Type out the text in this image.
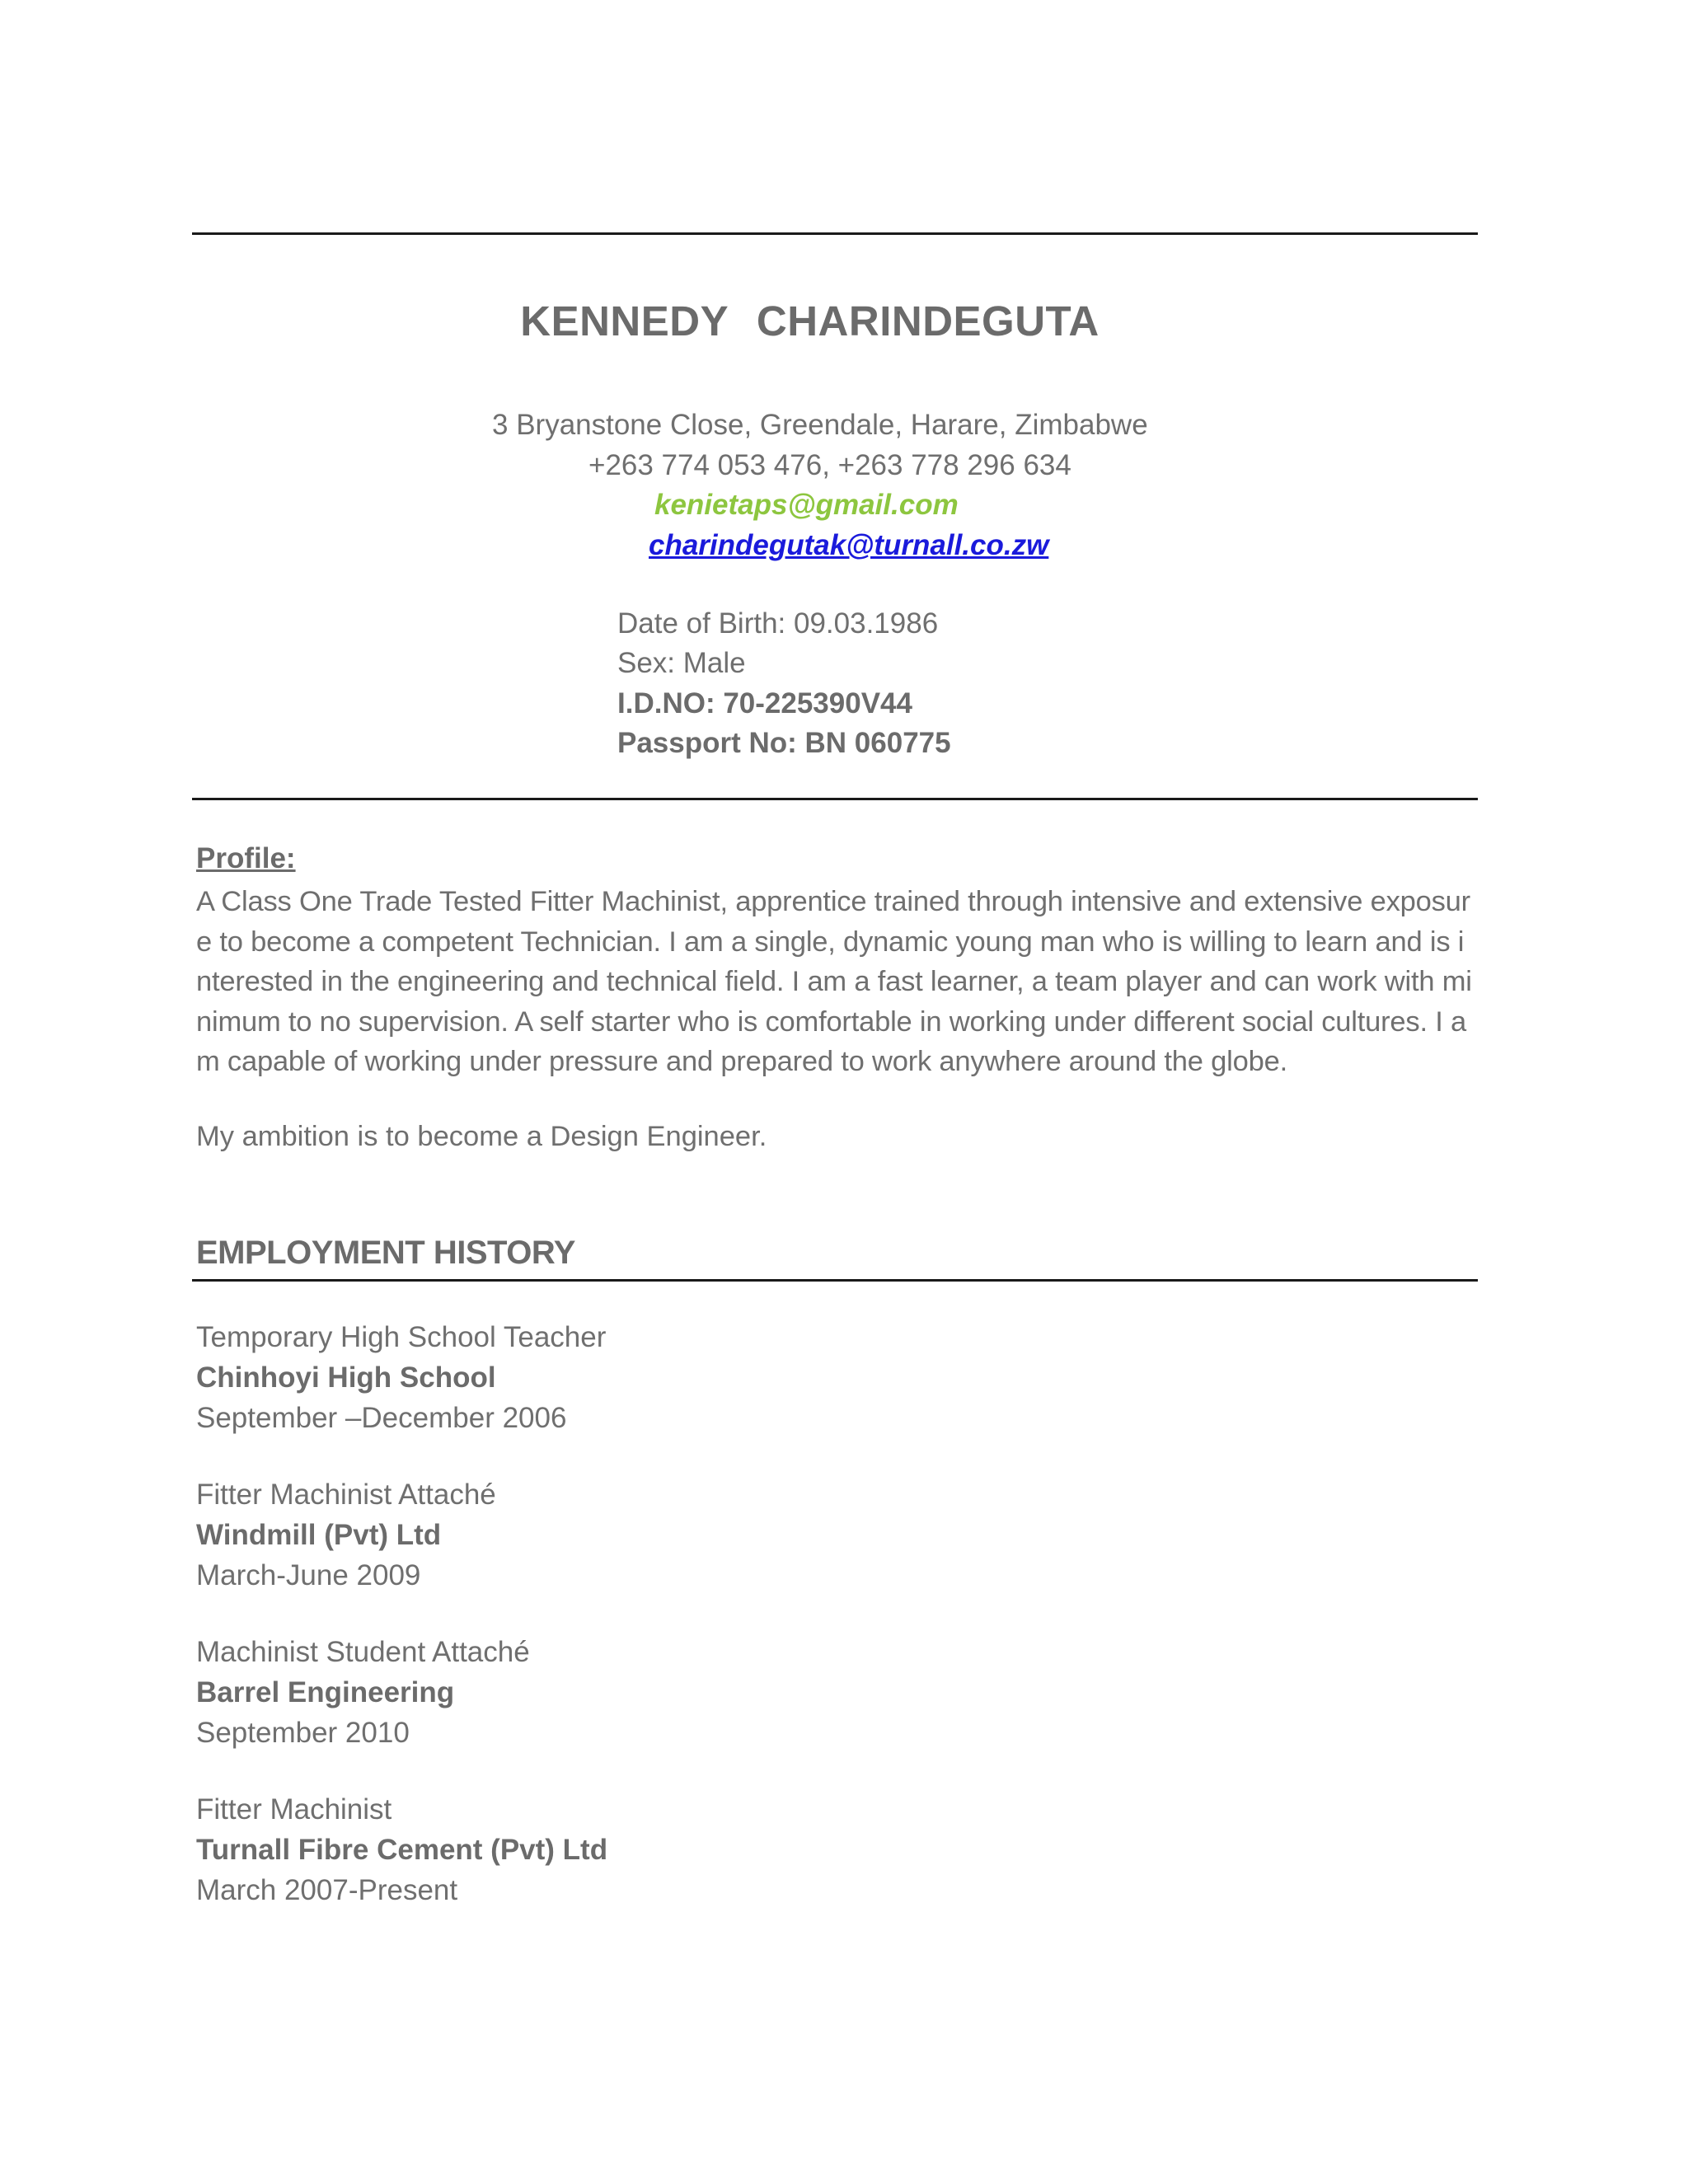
KENNEDY CHARINDEGUTA
3 Bryanstone Close, Greendale, Harare, Zimbabwe
+263 774 053 476, +263 778 296 634
kenietaps@gmail.com
charindegutak@turnall.co.zw
Date of Birth: 09.03.1986
Sex: Male
I.D.NO: 70-225390V44
Passport No: BN 060775
Profile:
A Class One Trade Tested Fitter Machinist, apprentice trained through intensive and extensive exposure to become a competent Technician. I am a single, dynamic young man who is willing to learn and is interested in the engineering and technical field. I am a fast learner, a team player and can work with minimum to no supervision. A self starter who is comfortable in working under different social cultures. I am capable of working under pressure and prepared to work anywhere around the globe.
My ambition is to become a Design Engineer.
EMPLOYMENT HISTORY
Temporary High School Teacher
Chinhoyi High School
September –December 2006
Fitter Machinist Attaché
Windmill (Pvt) Ltd
March-June 2009
Machinist Student Attaché
Barrel Engineering
September 2010
Fitter Machinist
Turnall Fibre Cement (Pvt) Ltd
March 2007-Present
